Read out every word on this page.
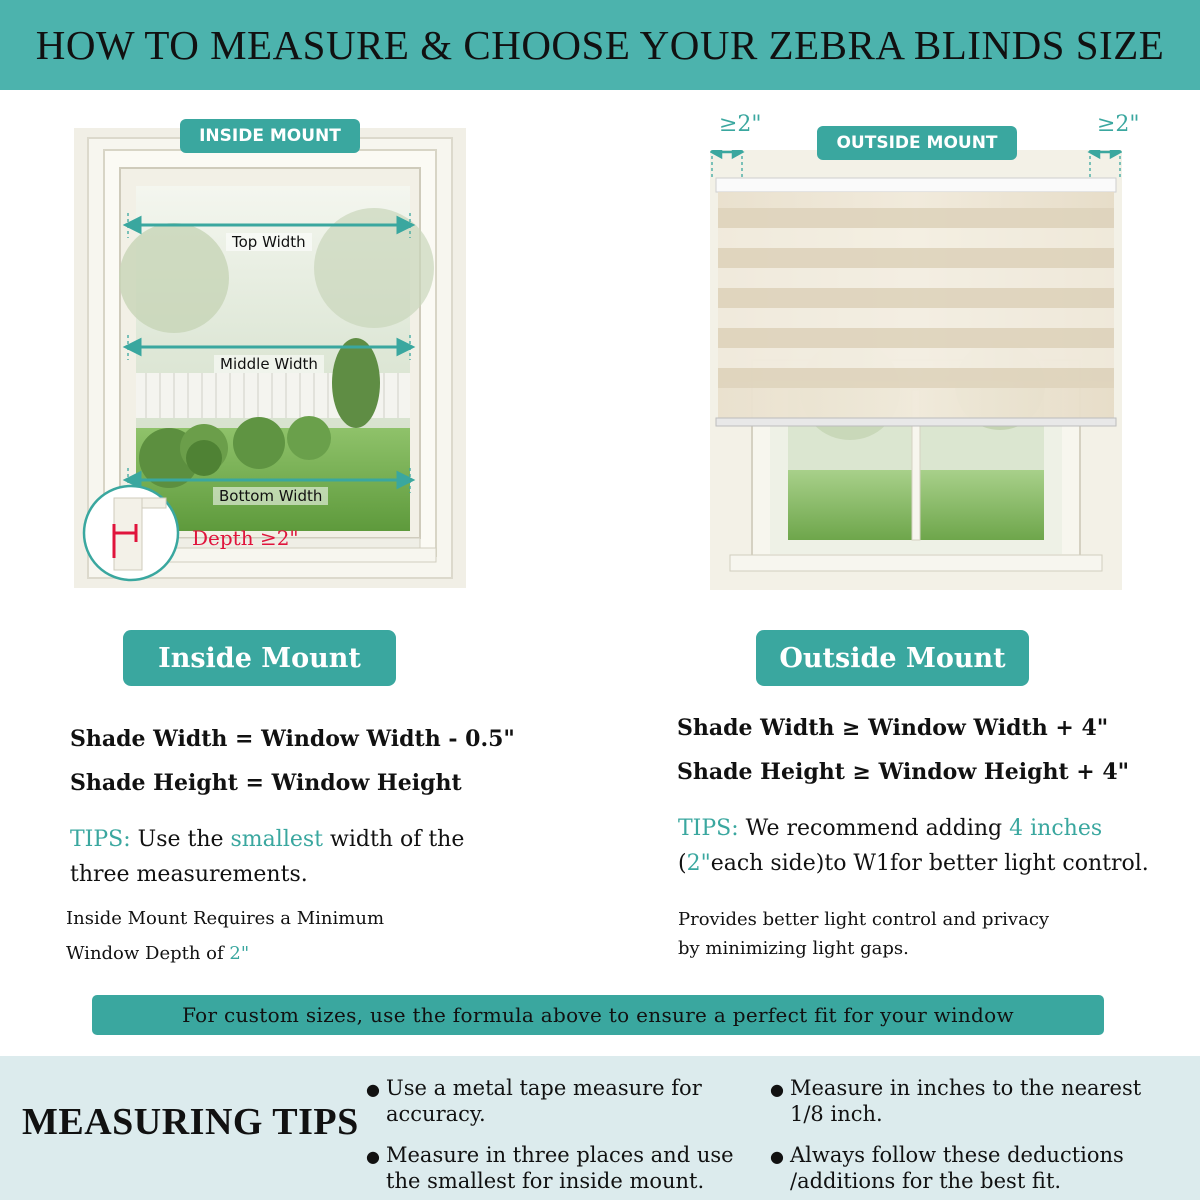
HOW TO MEASURE & CHOOSE YOUR ZEBRA BLINDS SIZE
INSIDE MOUNT
Top Width
Middle Width
Bottom Width
Depth ≥2"
≥2"	≥2"
OUTSIDE MOUNT
Inside Mount
Shade Width = Window Width - 0.5"
Shade Height = Window Height
TIPS: Use the smallest width of the
three measurements.
Inside Mount Requires a Minimum
Window Depth of 2"
Outside Mount
Shade Width ≥ Window Width + 4"
Shade Height ≥ Window Height + 4"
TIPS: We recommend adding 4 inches
(2"each side)to W1for better light control.
Provides better light control and privacy
by minimizing light gaps.
For custom sizes, use the formula above to ensure a perfect fit for your window
MEASURING TIPS
● Use a metal tape measure for
accuracy.
● Measure in inches to the nearest
1/8 inch.
● Measure in three places and use
the smallest for inside mount.
● Always follow these deductions
/additions for the best fit.
